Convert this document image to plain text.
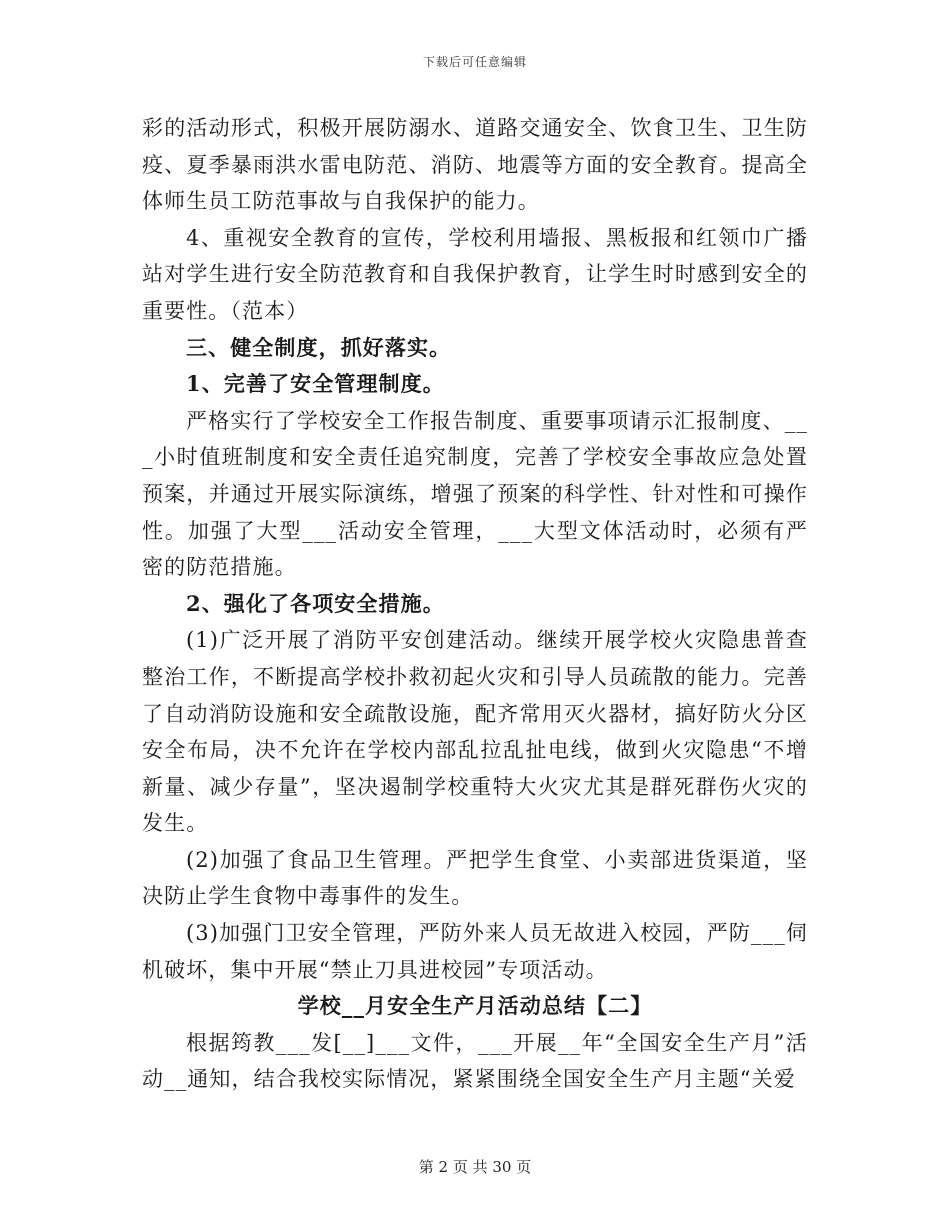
下载后可任意编辑

彩的活动形式，积极开展防溺水、道路交通安全、饮食卫生、卫生防疫、夏季暴雨洪水雷电防范、消防、地震等方面的安全教育。提高全体师生员工防范事故与自我保护的能力。

4、重视安全教育的宣传，学校利用墙报、黑板报和红领巾广播站对学生进行安全防范教育和自我保护教育，让学生时时感到安全的重要性。（范本）

三、健全制度，抓好落实。

1、完善了安全管理制度。

严格实行了学校安全工作报告制度、重要事项请示汇报制度、___小时值班制度和安全责任追究制度，完善了学校安全事故应急处置预案，并通过开展实际演练，增强了预案的科学性、针对性和可操作性。加强了大型___活动安全管理，___大型文体活动时，必须有严密的防范措施。

2、强化了各项安全措施。

(1)广泛开展了消防平安创建活动。继续开展学校火灾隐患普查整治工作，不断提高学校扑救初起火灾和引导人员疏散的能力。完善了自动消防设施和安全疏散设施，配齐常用灭火器材，搞好防火分区安全布局，决不允许在学校内部乱拉乱扯电线，做到火灾隐患“不增新量、减少存量”，坚决遏制学校重特大火灾尤其是群死群伤火灾的发生。

(2)加强了食品卫生管理。严把学生食堂、小卖部进货渠道，坚决防止学生食物中毒事件的发生。

(3)加强门卫安全管理，严防外来人员无故进入校园，严防___伺机破坏，集中开展“禁止刀具进校园”专项活动。

学校__月安全生产月活动总结【二】

根据筠教___发[__]___文件，___开展__年“全国安全生产月”活动__通知，结合我校实际情况，紧紧围绕全国安全生产月主题“关爱

第 2 页 共 30 页
